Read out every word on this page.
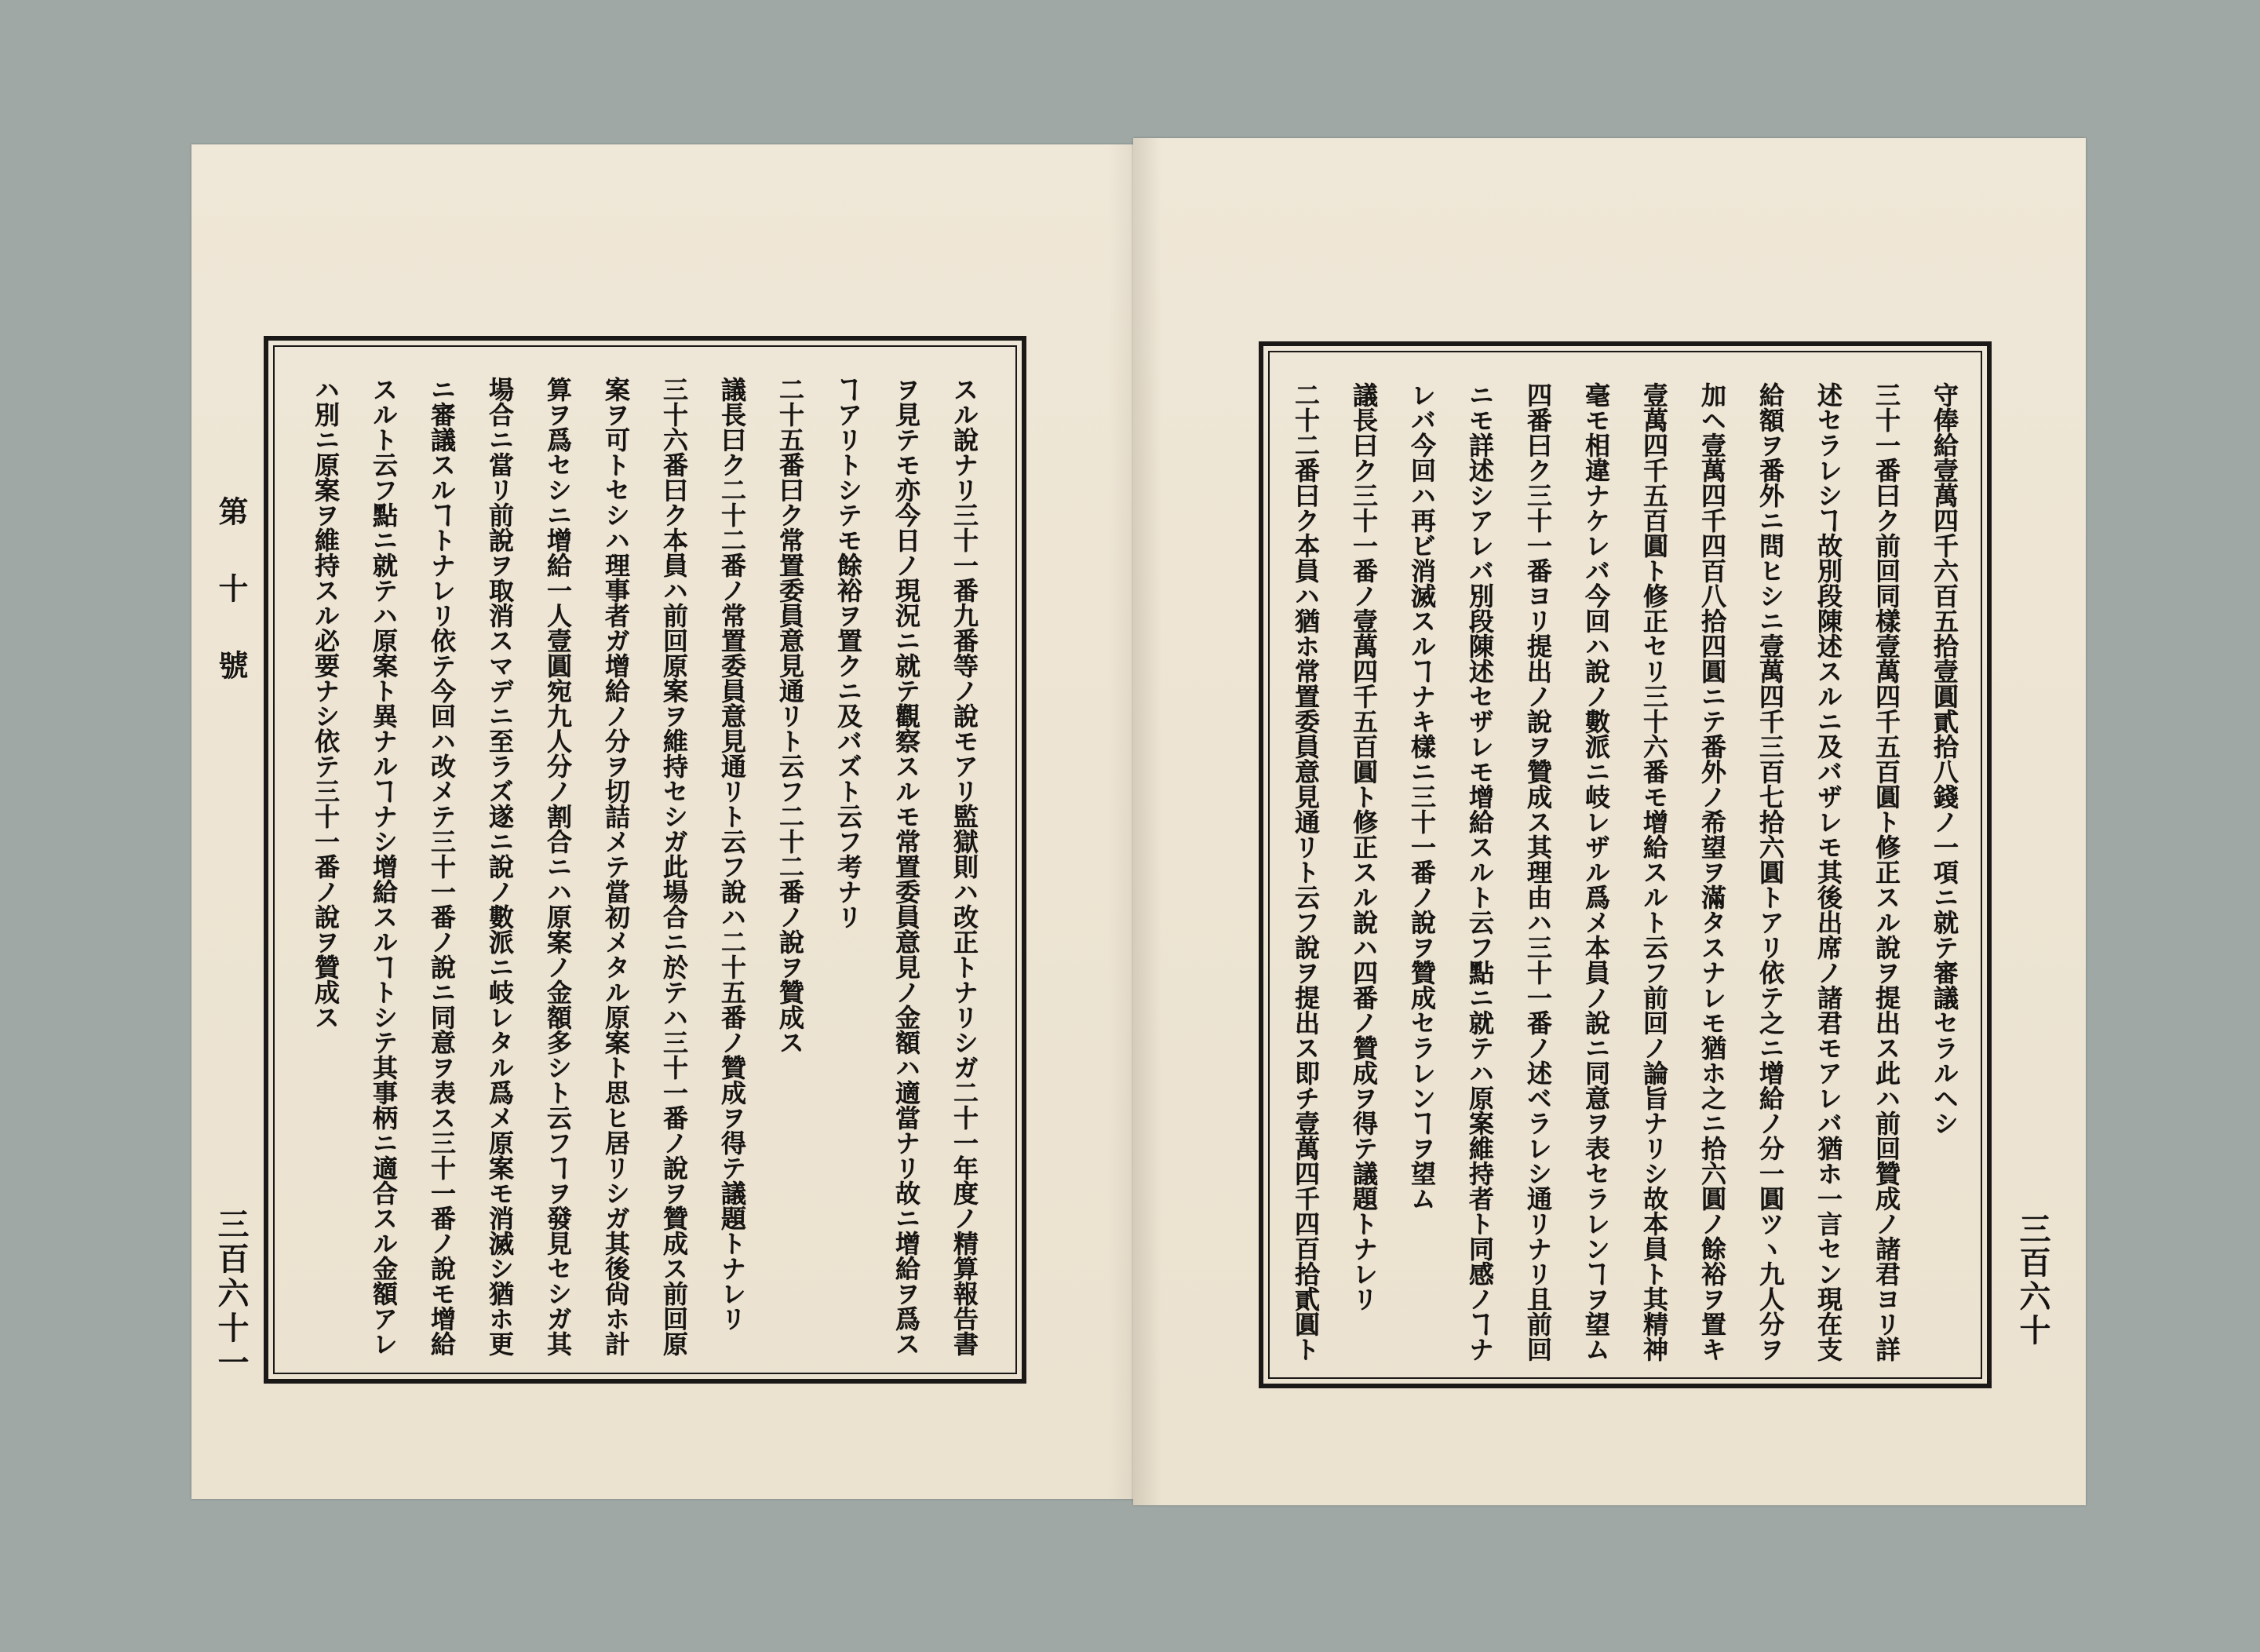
第十號
三百六十一	三百六十
スル說ナリ三十一番九番等ノ說モアリ監獄則ハ改正トナリシガ二十一年度ノ精算報告書
ヲ見テモ亦今日ノ現況ニ就テ觀察スルモ常置委員意見ノ金額ハ適當ナリ故ニ增給ヲ爲ス
ヿアリトシテモ餘裕ヲ置クニ及バズト云フ考ナリ
二十五番曰ク常置委員意見通リト云フ二十二番ノ說ヲ贊成ス
議長曰ク二十二番ノ常置委員意見通リト云フ說ハ二十五番ノ贊成ヲ得テ議題トナレリ
三十六番曰ク本員ハ前回原案ヲ維持セシガ此場合ニ於テハ三十一番ノ說ヲ贊成ス前回原
案ヲ可トセシハ理事者ガ增給ノ分ヲ切詰メテ當初メタル原案ト思ヒ居リシガ其後尙ホ計
算ヲ爲セシニ增給一人壹圓宛九人分ノ割合ニハ原案ノ金額多シト云フヿヲ發見セシガ其
場合ニ當リ前說ヲ取消スマデニ至ラズ遂ニ說ノ數派ニ岐レタル爲メ原案モ消滅シ猶ホ更
ニ審議スルヿトナレリ依テ今回ハ改メテ三十一番ノ說ニ同意ヲ表ス三十一番ノ說モ增給
スルト云フ點ニ就テハ原案ト異ナルヿナシ增給スルヿトシテ其事柄ニ適合スル金額アレ
ハ別ニ原案ヲ維持スル必要ナシ依テ三十一番ノ說ヲ贊成ス	守俸給壹萬四千六百五拾壹圓貳拾八錢ノ一項ニ就テ審議セラルヘシ
三十一番曰ク前回同樣壹萬四千五百圓ト修正スル說ヲ提出ス此ハ前回贊成ノ諸君ヨリ詳
述セラレシヿ故別段陳述スルニ及バザレモ其後出席ノ諸君モアレバ猶ホ一言セン現在支
給額ヲ番外ニ問ヒシニ壹萬四千三百七拾六圓トアリ依テ之ニ增給ノ分一圓ツヽ九人分ヲ
加ヘ壹萬四千四百八拾四圓ニテ番外ノ希望ヲ滿タスナレモ猶ホ之ニ拾六圓ノ餘裕ヲ置キ
壹萬四千五百圓ト修正セリ三十六番モ增給スルト云フ前回ノ論旨ナリシ故本員ト其精神
毫モ相違ナケレバ今回ハ說ノ數派ニ岐レザル爲メ本員ノ說ニ同意ヲ表セラレンヿヲ望ム
四番曰ク三十一番ヨリ提出ノ說ヲ贊成ス其理由ハ三十一番ノ述ベラレシ通リナリ且前回
ニモ詳述シアレバ別段陳述セザレモ增給スルト云フ點ニ就テハ原案維持者ト同感ノヿナ
レバ今回ハ再ビ消滅スルヿナキ樣ニ三十一番ノ說ヲ贊成セラレンヿヲ望ム
議長曰ク三十一番ノ壹萬四千五百圓ト修正スル說ハ四番ノ贊成ヲ得テ議題トナレリ
二十二番曰ク本員ハ猶ホ常置委員意見通リト云フ說ヲ提出ス即チ壹萬四千四百拾貳圓ト
